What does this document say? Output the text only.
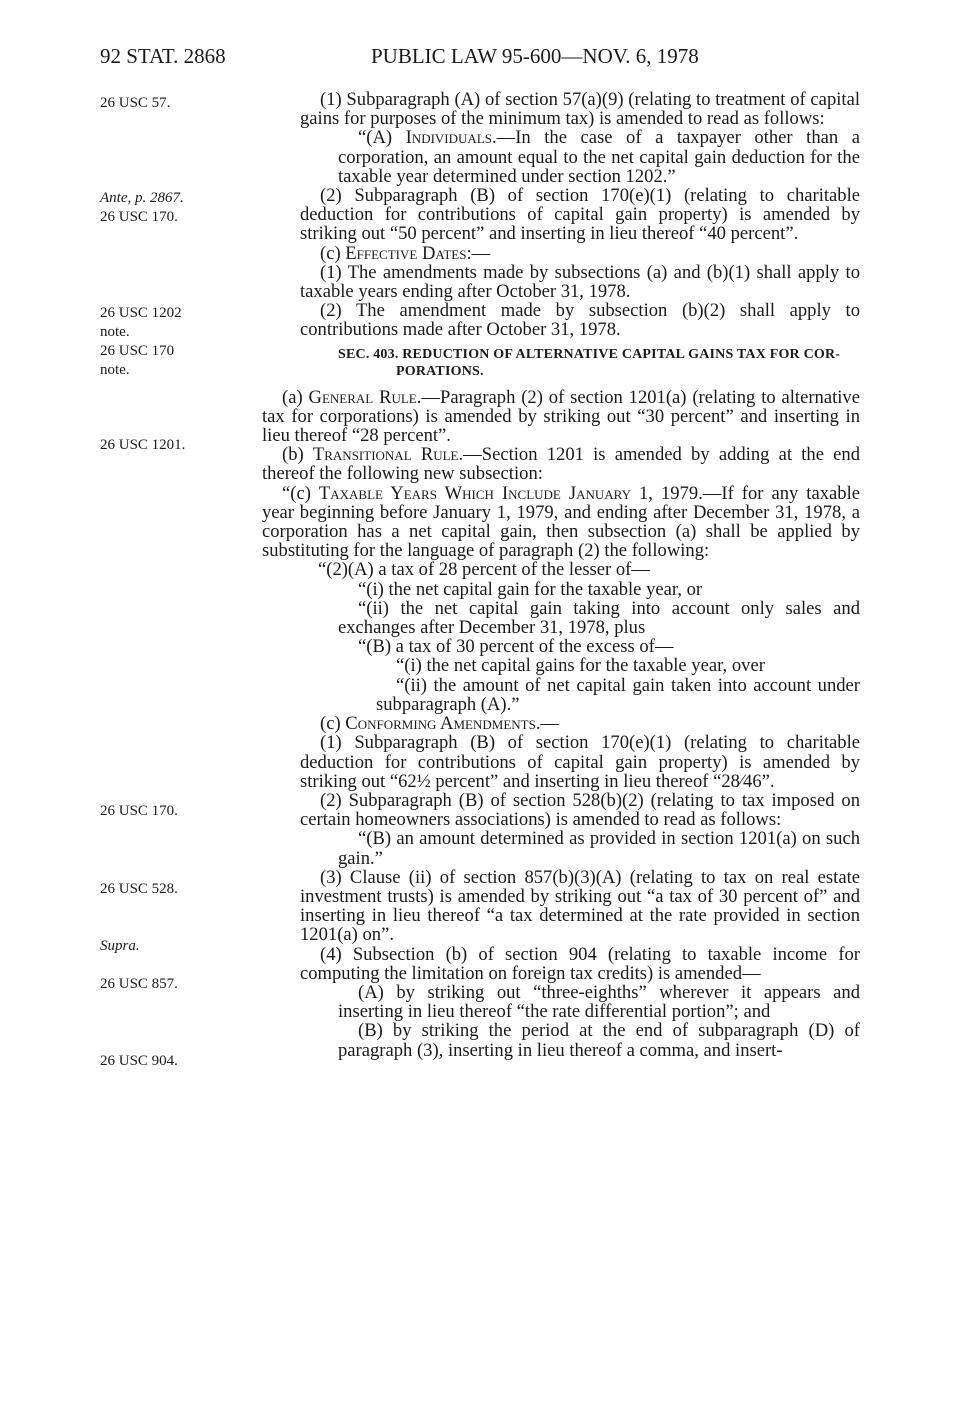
92 STAT. 2868	PUBLIC LAW 95-600—NOV. 6, 1978
26 USC 57.
Ante, p. 2867.
26 USC 170.
26 USC 1202
note.
26 USC 170
note.
26 USC 1201.
26 USC 170.
26 USC 528.
Supra.
26 USC 857.
26 USC 904.

(1) Subparagraph (A) of section 57(a)(9) (relating to treatment of capital gains for purposes of the minimum tax) is amended to read as follows:

“(A) Individuals.—In the case of a taxpayer other than a corporation, an amount equal to the net capital gain deduction for the taxable year determined under section 1202.”

(2) Subparagraph (B) of section 170(e)(1) (relating to charitable deduction for contributions of capital gain property) is amended by striking out “50 percent” and inserting in lieu thereof “40 percent”.

(c) Effective Dates:—

(1) The amendments made by subsections (a) and (b)(1) shall apply to taxable years ending after October 31, 1978.

(2) The amendment made by subsection (b)(2) shall apply to contributions made after October 31, 1978.

SEC. 403. REDUCTION OF ALTERNATIVE CAPITAL GAINS TAX FOR COR-
PORATIONS.

(a) General Rule.—Paragraph (2) of section 1201(a) (relating to alternative tax for corporations) is amended by striking out “30 percent” and inserting in lieu thereof “28 percent”.

(b) Transitional Rule.—Section 1201 is amended by adding at the end thereof the following new subsection:

“(c) Taxable Years Which Include January 1, 1979.—If for any taxable year beginning before January 1, 1979, and ending after December 31, 1978, a corporation has a net capital gain, then subsection (a) shall be applied by substituting for the language of paragraph (2) the following:

“(2)(A) a tax of 28 percent of the lesser of—

“(i) the net capital gain for the taxable year, or

“(ii) the net capital gain taking into account only sales and exchanges after December 31, 1978, plus

“(B) a tax of 30 percent of the excess of—

“(i) the net capital gains for the taxable year, over

“(ii) the amount of net capital gain taken into account under subparagraph (A).”

(c) Conforming Amendments.—

(1) Subparagraph (B) of section 170(e)(1) (relating to charitable deduction for contributions of capital gain property) is amended by striking out “62½ percent” and inserting in lieu thereof “28⁄46”.

(2) Subparagraph (B) of section 528(b)(2) (relating to tax imposed on certain homeowners associations) is amended to read as follows:

“(B) an amount determined as provided in section 1201(a) on such gain.”

(3) Clause (ii) of section 857(b)(3)(A) (relating to tax on real estate investment trusts) is amended by striking out “a tax of 30 percent of” and inserting in lieu thereof “a tax determined at the rate provided in section 1201(a) on”.

(4) Subsection (b) of section 904 (relating to taxable income for computing the limitation on foreign tax credits) is amended—

(A) by striking out “three-eighths” wherever it appears and inserting in lieu thereof “the rate differential portion”; and

(B) by striking the period at the end of subparagraph (D) of paragraph (3), inserting in lieu thereof a comma, and insert-
